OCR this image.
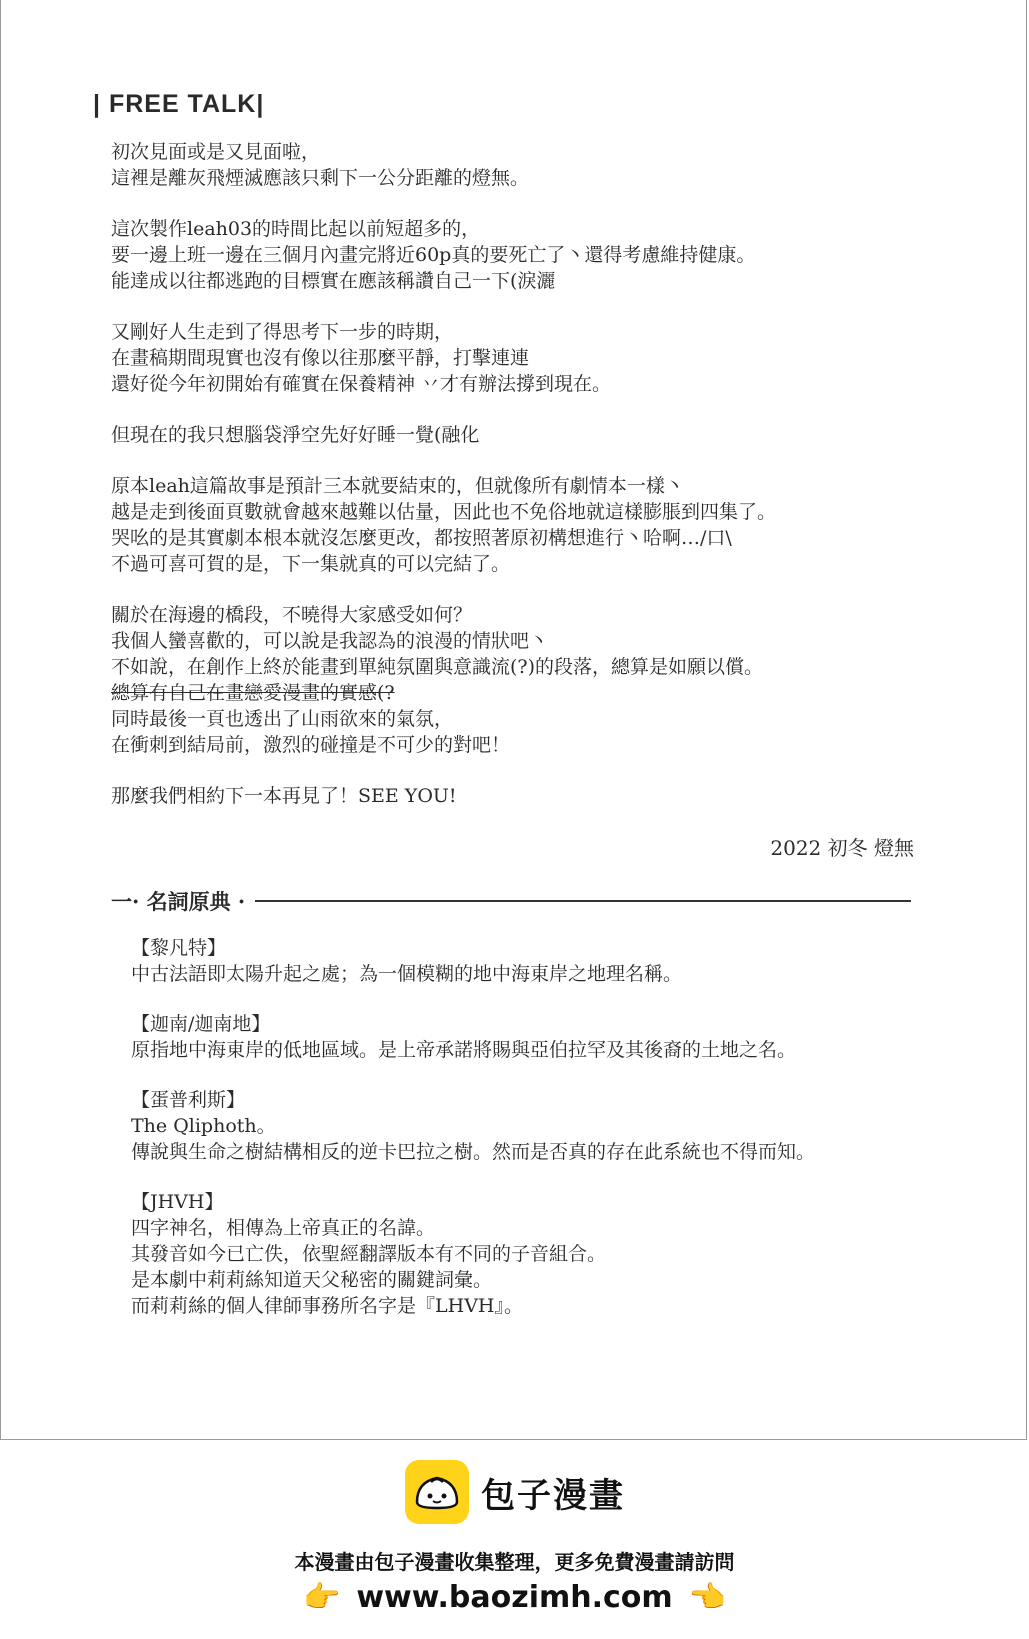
| FREE TALK|
初次見面或是又見面啦，
這裡是離灰飛煙滅應該只剩下一公分距離的燈無。
這次製作leah03的時間比起以前短超多的，
要一邊上班一邊在三個月內畫完將近60p真的要死亡了丶還得考慮維持健康。
能達成以往都逃跑的目標實在應該稱讚自己一下(淚灑
又剛好人生走到了得思考下一步的時期，
在畫稿期間現實也沒有像以往那麼平靜，打擊連連
還好從今年初開始有確實在保養精神 丷才有辦法撐到現在。
但現在的我只想腦袋淨空先好好睡一覺(融化
原本leah這篇故事是預計三本就要結束的，但就像所有劇情本一樣丶
越是走到後面頁數就會越來越難以估量，因此也不免俗地就這樣膨脹到四集了。
哭吆的是其實劇本根本就沒怎麼更改，都按照著原初構想進行丶哈啊…/口\
不過可喜可賀的是，下一集就真的可以完結了。
關於在海邊的橋段，不曉得大家感受如何？
我個人蠻喜歡的，可以說是我認為的浪漫的情狀吧丶
不如說，在創作上終於能畫到單純氛圍與意識流(?)的段落，總算是如願以償。
總算有自己在畫戀愛漫畫的實感(?
同時最後一頁也透出了山雨欲來的氣氛，
在衝刺到結局前，激烈的碰撞是不可少的對吧！
那麼我們相約下一本再見了！SEE YOU!
2022 初冬 燈無
一· 名詞原典 ·
【黎凡特】
中古法語即太陽升起之處；為一個模糊的地中海東岸之地理名稱。
【迦南/迦南地】
原指地中海東岸的低地區域。是上帝承諾將賜與亞伯拉罕及其後裔的土地之名。
【蛋普利斯】
The Qliphoth。
傳說與生命之樹結構相反的逆卡巴拉之樹。然而是否真的存在此系統也不得而知。
【JHVH】
四字神名，相傳為上帝真正的名諱。
其發音如今已亡佚，依聖經翻譯版本有不同的子音組合。
是本劇中莉莉絲知道天父秘密的關鍵詞彙。
而莉莉絲的個人律師事務所名字是『LHVH』。
包子漫畫
本漫畫由包子漫畫收集整理，更多免費漫畫請訪問
👉 www.baozimh.com 👈
